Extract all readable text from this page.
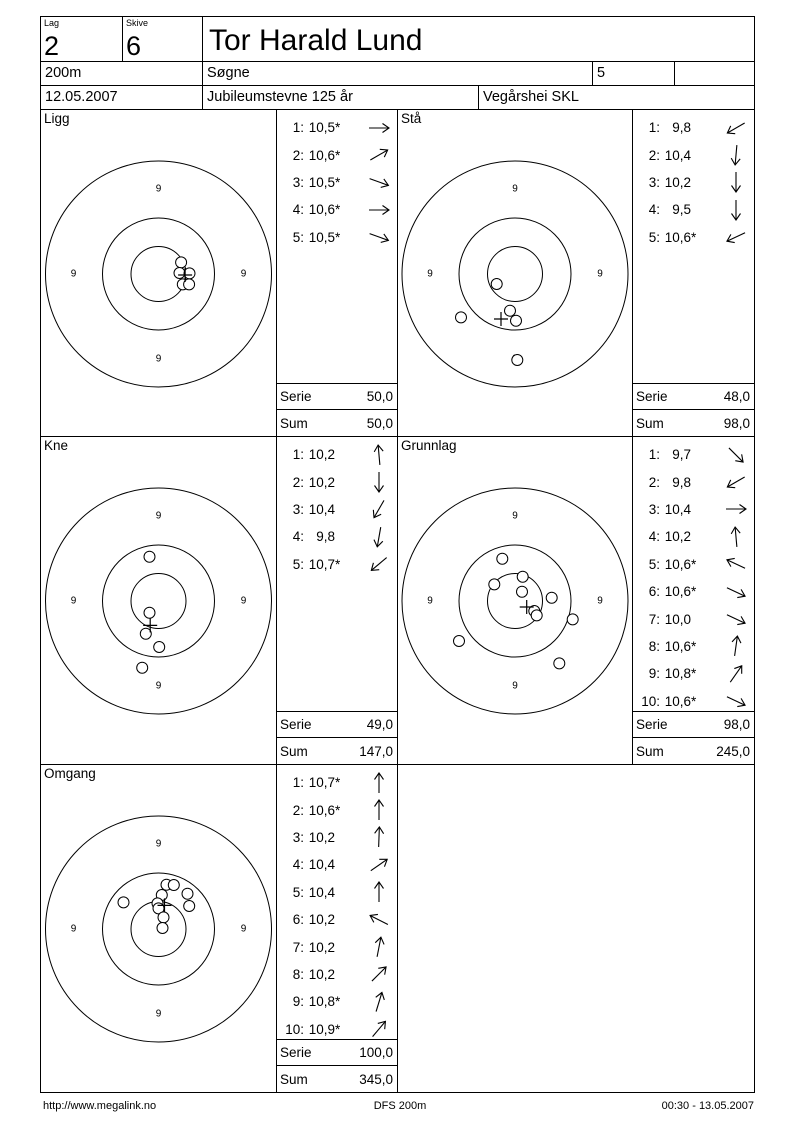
Lag
2
Skive
6	Tor Harald Lund
200m	Søgne	5
12.05.2007	Jubileumstevne 125 år	Vegårshei SKL
Ligg
9
9
9	9
1: 10,5 *
2: 10,6 *
3: 10,5 *
4: 10,6 *
5: 10,5 *
Serie	50,0
Sum	50,0
Stå
9
9	9
1: 9,8
2: 10,4
3: 10,2
4: 9,5
5: 10,6 *
Serie	48,0
Sum	98,0
Kne
9
9
9	9
1: 10,2
2: 10,2
3: 10,4
4: 9,8
5: 10,7 *
Serie	49,0
Sum	147,0
Grunnlag
9
9
9	9
1: 9,7
2: 9,8
3: 10,4
4: 10,2
5: 10,6 *
6: 10,6 *
7: 10,0
8: 10,6 *
9: 10,8 *
10: 10,6 *
Serie	98,0
Sum	245,0
Omgang
9
9
9	9
1: 10,7 *
2: 10,6 *
3: 10,2
4: 10,4
5: 10,4
6: 10,2
7: 10,2
8: 10,2
9: 10,8 *
10: 10,9 *
Serie	100,0
Sum	345,0
http://www.megalink.no	DFS 200m	00:30 - 13.05.2007
